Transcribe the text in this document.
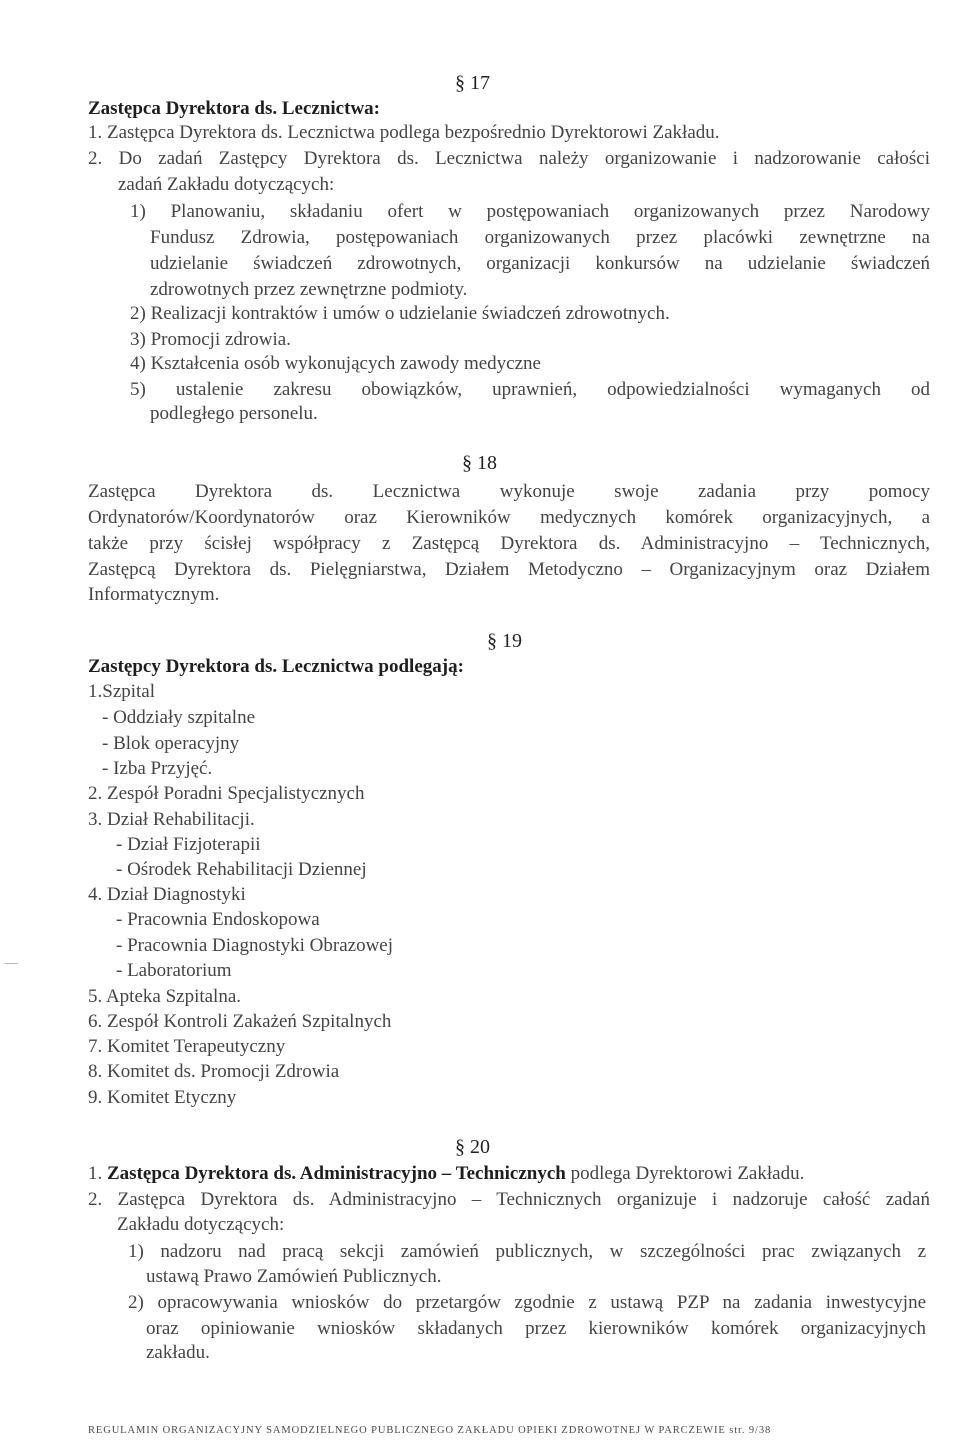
§ 17
Zastępca Dyrektora ds. Lecznictwa:
1. Zastępca Dyrektora ds. Lecznictwa podlega bezpośrednio Dyrektorowi Zakładu.
2. Do zadań Zastępcy Dyrektora ds. Lecznictwa należy organizowanie i nadzorowanie całości
zadań Zakładu dotyczących:
1) Planowaniu, składaniu ofert w postępowaniach organizowanych przez Narodowy
Fundusz Zdrowia, postępowaniach organizowanych przez placówki zewnętrzne na
udzielanie świadczeń zdrowotnych, organizacji konkursów na udzielanie świadczeń
zdrowotnych przez zewnętrzne podmioty.
2) Realizacji kontraktów i umów o udzielanie świadczeń zdrowotnych.
3) Promocji zdrowia.
4) Kształcenia osób wykonujących zawody medyczne
5) ustalenie zakresu obowiązków, uprawnień, odpowiedzialności wymaganych od
podległego personelu.
§ 18
Zastępca Dyrektora ds. Lecznictwa wykonuje swoje zadania przy pomocy
Ordynatorów/Koordynatorów oraz Kierowników medycznych komórek organizacyjnych, a
także przy ścisłej współpracy z Zastępcą Dyrektora ds. Administracyjno – Technicznych,
Zastępcą Dyrektora ds. Pielęgniarstwa, Działem Metodyczno – Organizacyjnym oraz Działem
Informatycznym.
§ 19
Zastępcy Dyrektora ds. Lecznictwa podlegają:
1.Szpital
- Oddziały szpitalne
- Blok operacyjny
- Izba Przyjęć.
2. Zespół Poradni Specjalistycznych
3. Dział Rehabilitacji.
- Dział Fizjoterapii
- Ośrodek Rehabilitacji Dziennej
4. Dział Diagnostyki
- Pracownia Endoskopowa
- Pracownia Diagnostyki Obrazowej
- Laboratorium
5. Apteka Szpitalna.
6. Zespół Kontroli Zakażeń Szpitalnych
7. Komitet Terapeutyczny
8. Komitet ds. Promocji Zdrowia
9. Komitet Etyczny
§ 20
1. Zastępca Dyrektora ds. Administracyjno – Technicznych podlega Dyrektorowi Zakładu.
2. Zastępca Dyrektora ds. Administracyjno – Technicznych organizuje i nadzoruje całość zadań
Zakładu dotyczących:
1) nadzoru nad pracą sekcji zamówień publicznych, w szczególności prac związanych z
ustawą Prawo Zamówień Publicznych.
2) opracowywania wniosków do przetargów zgodnie z ustawą PZP na zadania inwestycyjne
oraz opiniowanie wniosków składanych przez kierowników komórek organizacyjnych
zakładu.
REGULAMIN ORGANIZACYJNY SAMODZIELNEGO PUBLICZNEGO ZAKŁADU OPIEKI ZDROWOTNEJ W PARCZEWIE str. 9/38
